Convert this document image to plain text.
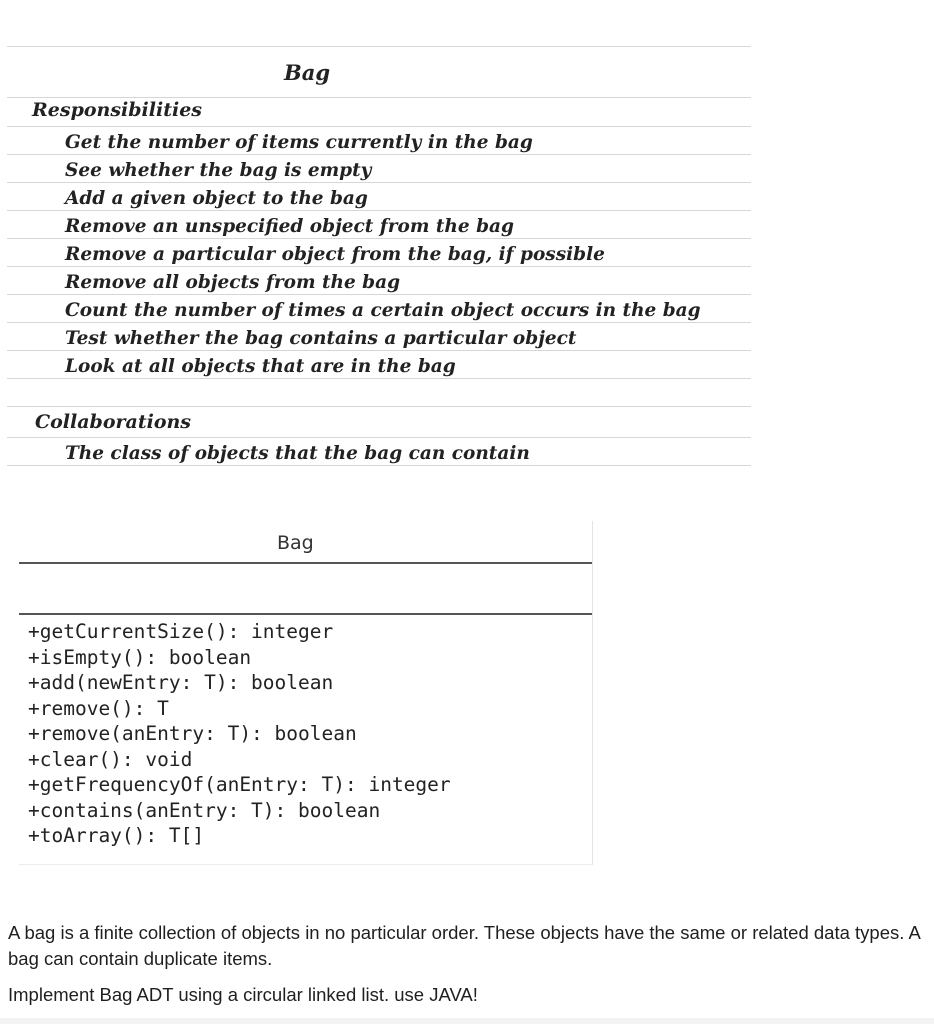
Bag
Responsibilities
Get the number of items currently in the bag
See whether the bag is empty
Add a given object to the bag
Remove an unspecified object from the bag
Remove a particular object from the bag, if possible
Remove all objects from the bag
Count the number of times a certain object occurs in the bag
Test whether the bag contains a particular object
Look at all objects that are in the bag
Collaborations
The class of objects that the bag can contain
Bag
+getCurrentSize(): integer
+isEmpty(): boolean
+add(newEntry: T): boolean
+remove(): T
+remove(anEntry: T): boolean
+clear(): void
+getFrequencyOf(anEntry: T): integer
+contains(anEntry: T): boolean
+toArray(): T[]

A bag is a finite collection of objects in no particular order. These objects have the same or related data types. A bag can contain duplicate items.

Implement Bag ADT using a circular linked list. use JAVA!
